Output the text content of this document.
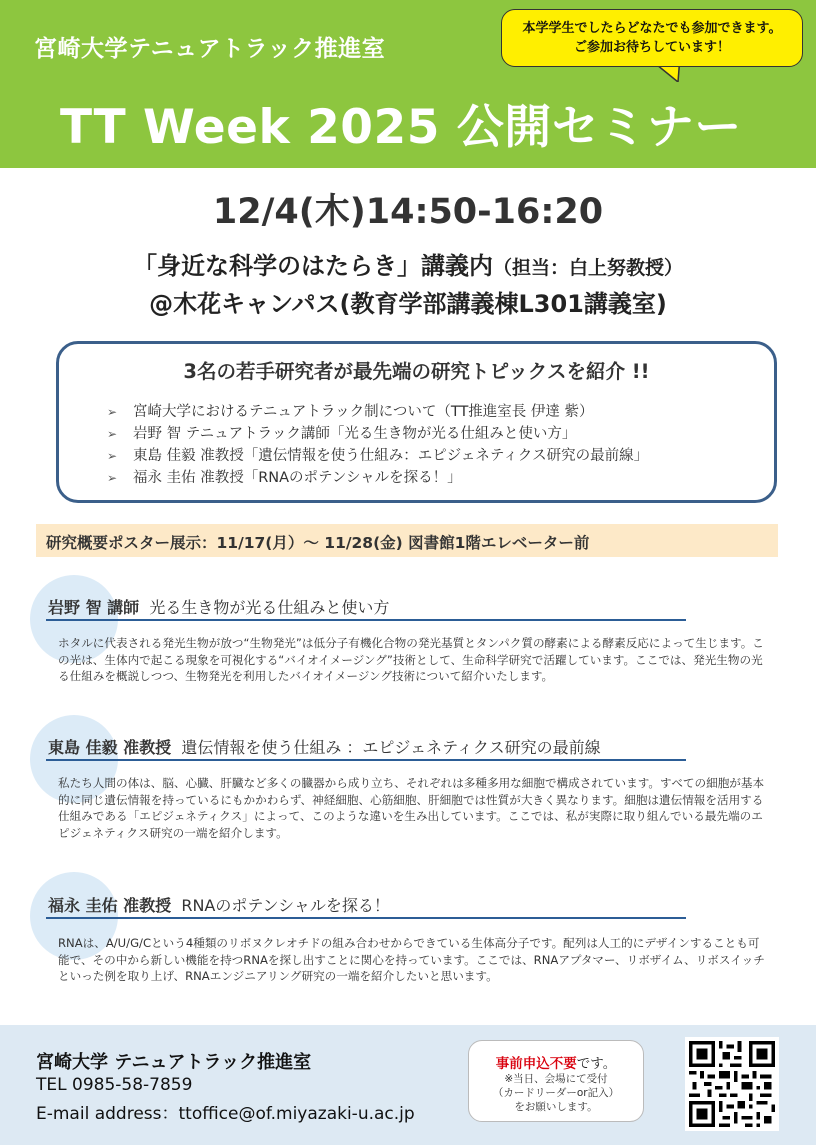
宮崎大学テニュアトラック推進室
TT Week 2025 公開セミナー
本学学生でしたらどなたでも参加できます。
ご参加お待ちしています！
12/4(木)14:50-16:20
「身近な科学のはたらき」講義内（担当：白上努教授）
@木花キャンパス(教育学部講義棟L301講義室)
3名の若手研究者が最先端の研究トピックスを紹介 !!
➢ 宮崎大学におけるテニュアトラック制について（TT推進室長 伊達 紫）
➢ 岩野 智 テニュアトラック講師「光る生き物が光る仕組みと使い方」
➢ 東島 佳毅 准教授「遺伝情報を使う仕組み：エピジェネティクス研究の最前線」
➢ 福永 圭佑 准教授「RNAのポテンシャルを探る！」
研究概要ポスター展示：11/17(月）～ 11/28(金) 図書館1階エレベーター前
岩野 智 講師 光る生き物が光る仕組みと使い方
ホタルに代表される発光生物が放つ“生物発光”は低分子有機化合物の発光基質とタンパク質の酵素による酵素反応によって生じます。この光は、生体内で起こる現象を可視化する“バイオイメージング”技術として、生命科学研究で活躍しています。ここでは、発光生物の光る仕組みを概説しつつ、生物発光を利用したバイオイメージング技術について紹介いたします。
東島 佳毅 准教授 遺伝情報を使う仕組み ：エピジェネティクス研究の最前線
私たち人間の体は、脳、心臓、肝臓など多くの臓器から成り立ち、それぞれは多種多用な細胞で構成されています。すべての細胞が基本的に同じ遺伝情報を持っているにもかかわらず、神経細胞、心筋細胞、肝細胞では性質が大きく異なります。細胞は遺伝情報を活用する仕組みである「エピジェネティクス」によって、このような違いを生み出しています。ここでは、私が実際に取り組んでいる最先端のエピジェネティクス研究の一端を紹介します。
福永 圭佑 准教授 RNAのポテンシャルを探る！
RNAは、A/U/G/Cという4種類のリボヌクレオチドの組み合わせからできている生体高分子です。配列は人工的にデザインすることも可能で、その中から新しい機能を持つRNAを探し出すことに関心を持っています。ここでは、RNAアプタマー、リボザイム、リボスイッチといった例を取り上げ、RNAエンジニアリング研究の一端を紹介したいと思います。
宮崎大学 テニュアトラック推進室
TEL 0985-58-7859
E-mail address：ttoffice@of.miyazaki-u.ac.jp
事前申込不要です。
※当日、会場にて受付
（カードリーダーor記入）
をお願いします。
